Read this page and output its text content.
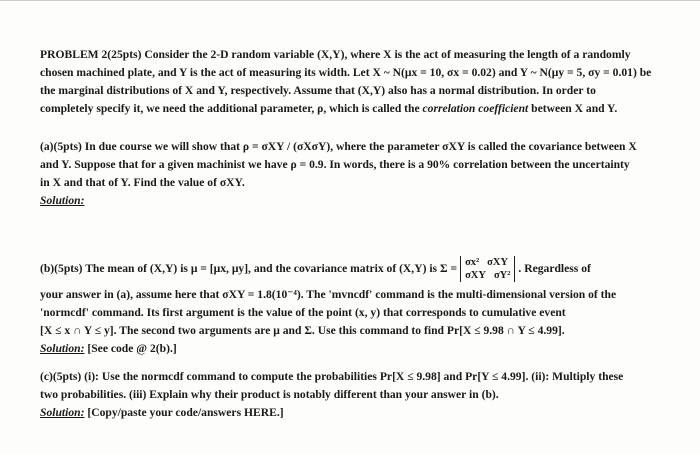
PROBLEM 2(25pts) Consider the 2-D random variable (X,Y), where X is the act of measuring the length of a randomly
chosen machined plate, and Y is the act of measuring its width. Let X ~ N(μx = 10, σx = 0.02) and Y ~ N(μy = 5, σy = 0.01) be
the marginal distributions of X and Y, respectively. Assume that (X,Y) also has a normal distribution. In order to
completely specify it, we need the additional parameter, ρ, which is called the correlation coefficient between X and Y.
(a)(5pts) In due course we will show that ρ = σXY / (σXσY), where the parameter σXY is called the covariance between X
and Y. Suppose that for a given machinist we have ρ = 0.9. In words, there is a 90% correlation between the uncertainty
in X and that of Y. Find the value of σXY.
Solution:
(b)(5pts) The mean of (X,Y) is μ = [μx, μy], and the covariance matrix of (X,Y) is Σ = σx² σXY
σXY σY²
. Regardless of
your answer in (a), assume here that σXY = 1.8(10⁻⁴). The 'mvncdf' command is the multi-dimensional version of the
'normcdf' command. Its first argument is the value of the point (x, y) that corresponds to cumulative event
[X ≤ x ∩ Y ≤ y]. The second two arguments are μ and Σ. Use this command to find Pr[X ≤ 9.98 ∩ Y ≤ 4.99].
Solution: [See code @ 2(b).]
(c)(5pts) (i): Use the normcdf command to compute the probabilities Pr[X ≤ 9.98] and Pr[Y ≤ 4.99]. (ii): Multiply these
two probabilities. (iii) Explain why their product is notably different than your answer in (b).
Solution: [Copy/paste your code/answers HERE.]
